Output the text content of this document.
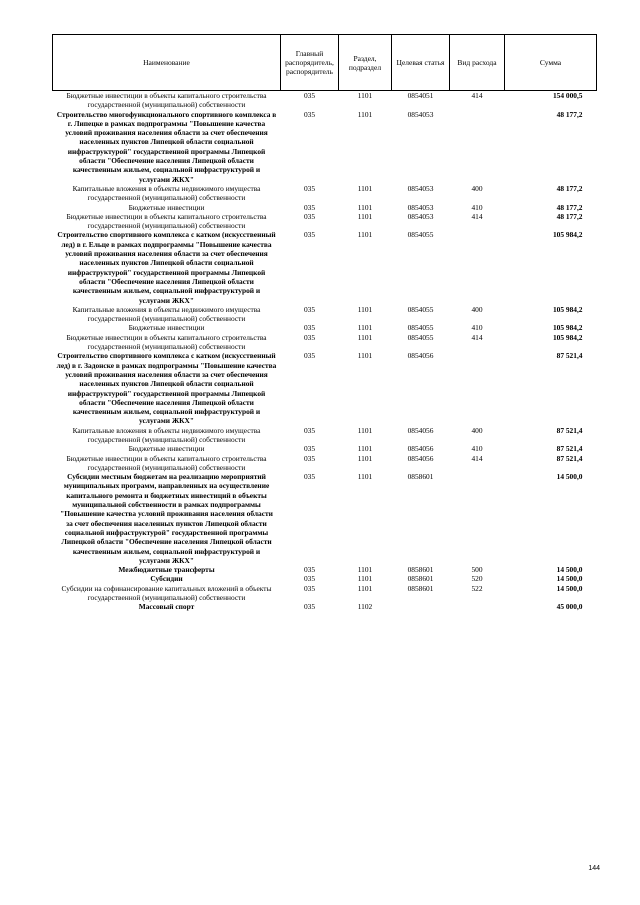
Наименование	Главный распорядитель, распорядитель	Раздел, подраздел	Целевая статья	Вид расхода	Сумма
Бюджетные инвестиции в объекты капитального строительства государственной (муниципальной) собственности	035	1101	0854051	414	154 000,5
Строительство многофункционального спортивного комплекса в г. Липецке в рамках подпрограммы "Повышение качества условий проживания населения области за счет обеспечения населенных пунктов Липецкой области социальной инфраструктурой" государственной программы Липецкой области "Обеспечение населения Липецкой области качественным жильем, социальной инфраструктурой и услугами ЖКХ"	035	1101	0854053		48 177,2
Капитальные вложения в объекты недвижимого имущества государственной (муниципальной) собственности	035	1101	0854053	400	48 177,2
Бюджетные инвестиции	035	1101	0854053	410	48 177,2
Бюджетные инвестиции в объекты капитального строительства государственной (муниципальной) собственности	035	1101	0854053	414	48 177,2
Строительство спортивного комплекса с катком (искусственный лед) в г. Ельце в рамках подпрограммы "Повышение качества условий проживания населения области за счет обеспечения населенных пунктов Липецкой области социальной инфраструктурой" государственной программы Липецкой области "Обеспечение населения Липецкой области качественным жильем, социальной инфраструктурой и услугами ЖКХ"	035	1101	0854055		105 984,2
Капитальные вложения в объекты недвижимого имущества государственной (муниципальной) собственности	035	1101	0854055	400	105 984,2
Бюджетные инвестиции	035	1101	0854055	410	105 984,2
Бюджетные инвестиции в объекты капитального строительства государственной (муниципальной) собственности	035	1101	0854055	414	105 984,2
Строительство спортивного комплекса с катком (искусственный лед) в г. Задонске в рамках подпрограммы "Повышение качества условий проживания населения области за счет обеспечения населенных пунктов Липецкой области социальной инфраструктурой" государственной программы Липецкой области "Обеспечение населения Липецкой области качественным жильем, социальной инфраструктурой и услугами ЖКХ"	035	1101	0854056		87 521,4
Капитальные вложения в объекты недвижимого имущества государственной (муниципальной) собственности	035	1101	0854056	400	87 521,4
Бюджетные инвестиции	035	1101	0854056	410	87 521,4
Бюджетные инвестиции в объекты капитального строительства государственной (муниципальной) собственности	035	1101	0854056	414	87 521,4
Субсидии местным бюджетам на реализацию мероприятий муниципальных программ, направленных на осуществление капитального ремонта и бюджетных инвестиций в объекты муниципальной собственности в рамках подпрограммы "Повышение качества условий проживания населения области за счет обеспечения населенных пунктов Липецкой области социальной инфраструктурой" государственной программы Липецкой области "Обеспечение населения Липецкой области качественным жильем, социальной инфраструктурой и услугами ЖКХ"	035	1101	0858601		14 500,0
Межбюджетные трансферты	035	1101	0858601	500	14 500,0
Субсидии	035	1101	0858601	520	14 500,0
Субсидии на софинансирование капитальных вложений в объекты государственной (муниципальной) собственности	035	1101	0858601	522	14 500,0
Массовый спорт	035	1102			45 000,0
144
